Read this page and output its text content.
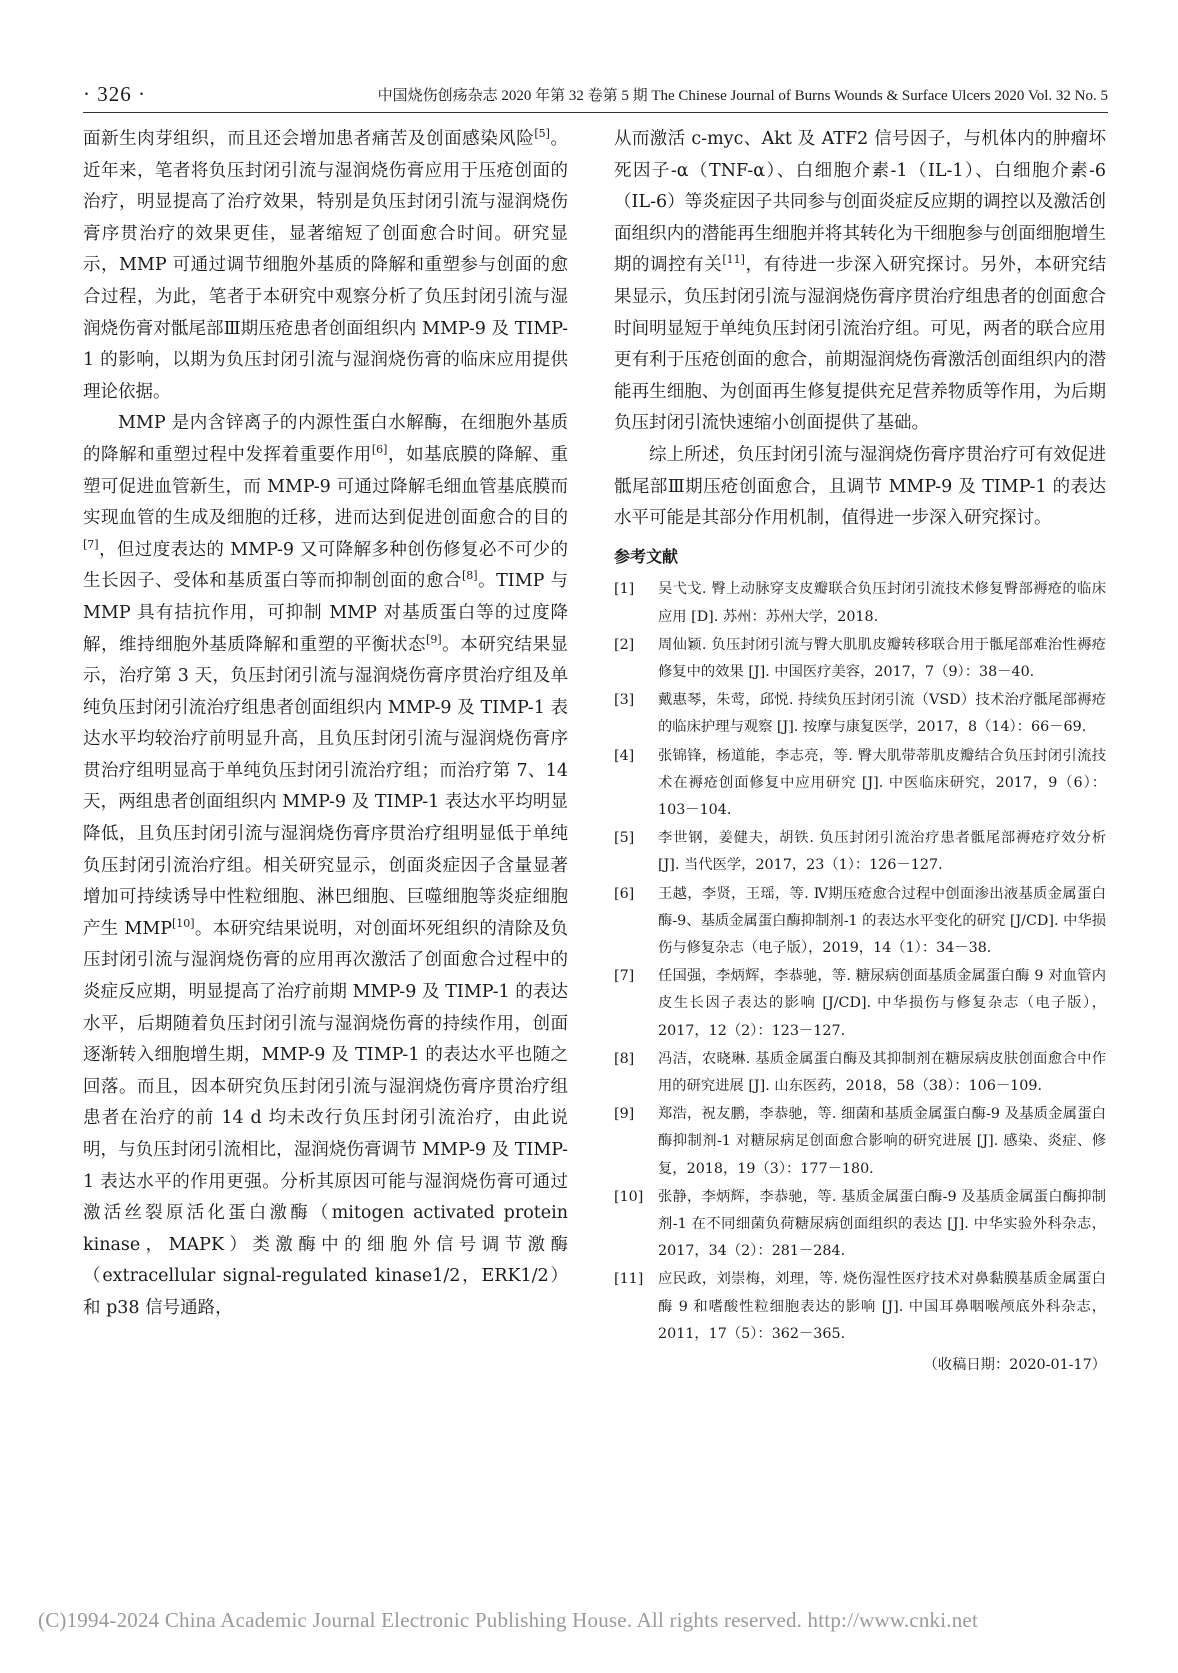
· 326 ·	中国烧伤创疡杂志 2020 年第 32 卷第 5 期 The Chinese Journal of Burns Wounds & Surface Ulcers 2020 Vol. 32 No. 5

面新生肉芽组织，而且还会增加患者痛苦及创面感染风险[5]。近年来，笔者将负压封闭引流与湿润烧伤膏应用于压疮创面的治疗，明显提高了治疗效果，特别是负压封闭引流与湿润烧伤膏序贯治疗的效果更佳，显著缩短了创面愈合时间。研究显示，MMP 可通过调节细胞外基质的降解和重塑参与创面的愈合过程，为此，笔者于本研究中观察分析了负压封闭引流与湿润烧伤膏对骶尾部Ⅲ期压疮患者创面组织内 MMP-9 及 TIMP-1 的影响，以期为负压封闭引流与湿润烧伤膏的临床应用提供理论依据。

MMP 是内含锌离子的内源性蛋白水解酶，在细胞外基质的降解和重塑过程中发挥着重要作用[6]，如基底膜的降解、重塑可促进血管新生，而 MMP-9 可通过降解毛细血管基底膜而实现血管的生成及细胞的迁移，进而达到促进创面愈合的目的[7]，但过度表达的 MMP-9 又可降解多种创伤修复必不可少的生长因子、受体和基质蛋白等而抑制创面的愈合[8]。TIMP 与 MMP 具有拮抗作用，可抑制 MMP 对基质蛋白等的过度降解，维持细胞外基质降解和重塑的平衡状态[9]。本研究结果显示，治疗第 3 天，负压封闭引流与湿润烧伤膏序贯治疗组及单纯负压封闭引流治疗组患者创面组织内 MMP-9 及 TIMP-1 表达水平均较治疗前明显升高，且负压封闭引流与湿润烧伤膏序贯治疗组明显高于单纯负压封闭引流治疗组；而治疗第 7、14 天，两组患者创面组织内 MMP-9 及 TIMP-1 表达水平均明显降低，且负压封闭引流与湿润烧伤膏序贯治疗组明显低于单纯负压封闭引流治疗组。相关研究显示，创面炎症因子含量显著增加可持续诱导中性粒细胞、淋巴细胞、巨噬细胞等炎症细胞产生 MMP[10]。本研究结果说明，对创面坏死组织的清除及负压封闭引流与湿润烧伤膏的应用再次激活了创面愈合过程中的炎症反应期，明显提高了治疗前期 MMP-9 及 TIMP-1 的表达水平，后期随着负压封闭引流与湿润烧伤膏的持续作用，创面逐渐转入细胞增生期，MMP-9 及 TIMP-1 的表达水平也随之回落。而且，因本研究负压封闭引流与湿润烧伤膏序贯治疗组患者在治疗的前 14 d 均未改行负压封闭引流治疗，由此说明，与负压封闭引流相比，湿润烧伤膏调节 MMP-9 及 TIMP-1 表达水平的作用更强。分析其原因可能与湿润烧伤膏可通过激活丝裂原活化蛋白激酶（mitogen activated protein kinase，MAPK）类激酶中的细胞外信号调节激酶（extracellular signal-regulated kinase1/2，ERK1/2）和 p38 信号通路，

从而激活 c-myc、Akt 及 ATF2 信号因子，与机体内的肿瘤坏死因子-α（TNF-α）、白细胞介素-1（IL-1）、白细胞介素-6（IL-6）等炎症因子共同参与创面炎症反应期的调控以及激活创面组织内的潜能再生细胞并将其转化为干细胞参与创面细胞增生期的调控有关[11]，有待进一步深入研究探讨。另外，本研究结果显示，负压封闭引流与湿润烧伤膏序贯治疗组患者的创面愈合时间明显短于单纯负压封闭引流治疗组。可见，两者的联合应用更有利于压疮创面的愈合，前期湿润烧伤膏激活创面组织内的潜能再生细胞、为创面再生修复提供充足营养物质等作用，为后期负压封闭引流快速缩小创面提供了基础。

综上所述，负压封闭引流与湿润烧伤膏序贯治疗可有效促进骶尾部Ⅲ期压疮创面愈合，且调节 MMP-9 及 TIMP-1 的表达水平可能是其部分作用机制，值得进一步深入研究探讨。

参考文献
[1]	吴弋戈. 臀上动脉穿支皮瓣联合负压封闭引流技术修复臀部褥疮的临床应用 [D]. 苏州：苏州大学，2018.
[2]	周仙颖. 负压封闭引流与臀大肌肌皮瓣转移联合用于骶尾部难治性褥疮修复中的效果 [J]. 中国医疗美容，2017，7（9）：38－40.
[3]	戴惠琴，朱莺，邱悦. 持续负压封闭引流（VSD）技术治疗骶尾部褥疮的临床护理与观察 [J]. 按摩与康复医学，2017，8（14）：66－69.
[4]	张锦锋，杨道能，李志亮，等. 臀大肌带蒂肌皮瓣结合负压封闭引流技术在褥疮创面修复中应用研究 [J]. 中医临床研究，2017，9（6）：103－104.
[5]	李世钢，姜健夫，胡铁. 负压封闭引流治疗患者骶尾部褥疮疗效分析 [J]. 当代医学，2017，23（1）：126－127.
[6]	王越，李贤，王瑶，等. Ⅳ期压疮愈合过程中创面渗出液基质金属蛋白酶-9、基质金属蛋白酶抑制剂-1 的表达水平变化的研究 [J/CD]. 中华损伤与修复杂志（电子版），2019，14（1）：34－38.
[7]	任国强，李炳辉，李恭驰，等. 糖尿病创面基质金属蛋白酶 9 对血管内皮生长因子表达的影响 [J/CD]. 中华损伤与修复杂志（电子版），2017，12（2）：123－127.
[8]	冯洁，农晓琳. 基质金属蛋白酶及其抑制剂在糖尿病皮肤创面愈合中作用的研究进展 [J]. 山东医药，2018，58（38）：106－109.
[9]	郑浩，祝友鹏，李恭驰，等. 细菌和基质金属蛋白酶-9 及基质金属蛋白酶抑制剂-1 对糖尿病足创面愈合影响的研究进展 [J]. 感染、炎症、修复，2018，19（3）：177－180.
[10]	张静，李炳辉，李恭驰，等. 基质金属蛋白酶-9 及基质金属蛋白酶抑制剂-1 在不同细菌负荷糖尿病创面组织的表达 [J]. 中华实验外科杂志，2017，34（2）：281－284.
[11]	应民政，刘崇梅，刘理，等. 烧伤湿性医疗技术对鼻黏膜基质金属蛋白酶 9 和嗜酸性粒细胞表达的影响 [J]. 中国耳鼻咽喉颅底外科杂志，2011，17（5）：362－365.
（收稿日期：2020-01-17）
(C)1994-2024 China Academic Journal Electronic Publishing House. All rights reserved. http://www.cnki.net
